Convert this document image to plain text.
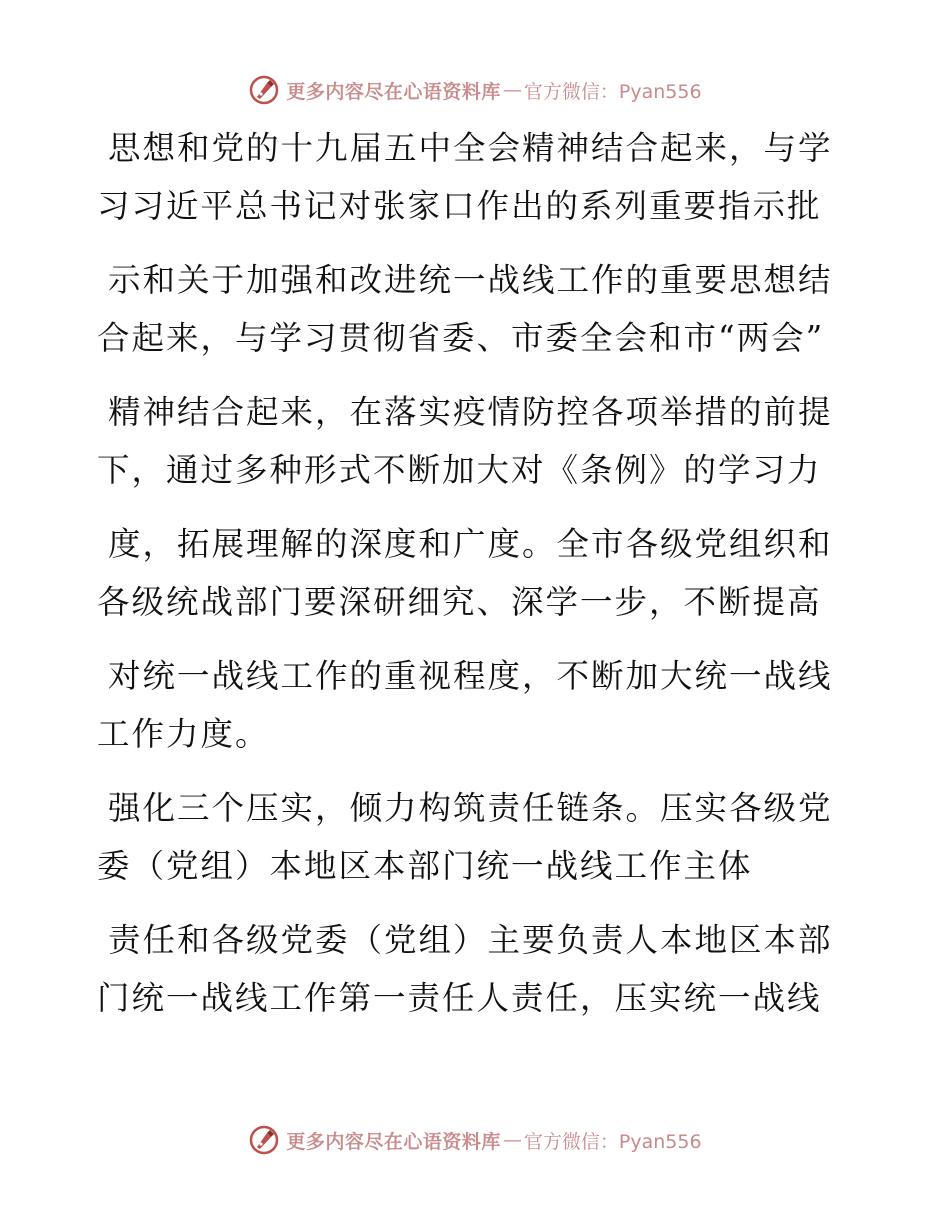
更多内容尽在心语资料库 — 官方微信：Pyan556
思想和党的十九届五中全会精神结合起来，与学
习习近平总书记对张家口作出的系列重要指示批
示和关于加强和改进统一战线工作的重要思想结
合起来，与学习贯彻省委、市委全会和市“两会”
精神结合起来，在落实疫情防控各项举措的前提
下，通过多种形式不断加大对《条例》的学习力
度，拓展理解的深度和广度。全市各级党组织和
各级统战部门要深研细究、深学一步，不断提高
对统一战线工作的重视程度，不断加大统一战线
工作力度。
强化三个压实，倾力构筑责任链条。压实各级党
委（党组）本地区本部门统一战线工作主体
责任和各级党委（党组）主要负责人本地区本部
门统一战线工作第一责任人责任，压实统一战线
更多内容尽在心语资料库 — 官方微信：Pyan556
